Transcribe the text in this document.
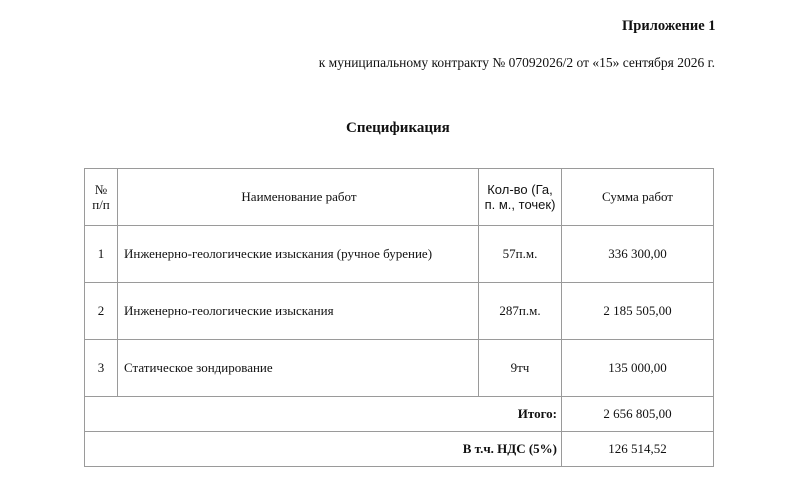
Приложение 1
к муниципальному контракту № 07092026/2 от «15» сентября 2026 г.
Спецификация
№ п/п	Наименование работ	Кол-во (Га, п. м., точек)	Сумма работ
1	Инженерно-геологические изыскания (ручное бурение)	57п.м.	336 300,00
2	Инженерно-геологические изыскания	287п.м.	2 185 505,00
3	Статическое зондирование	9тч	135 000,00
Итого:			2 656 805,00
В т.ч. НДС (5%)			126 514,52
